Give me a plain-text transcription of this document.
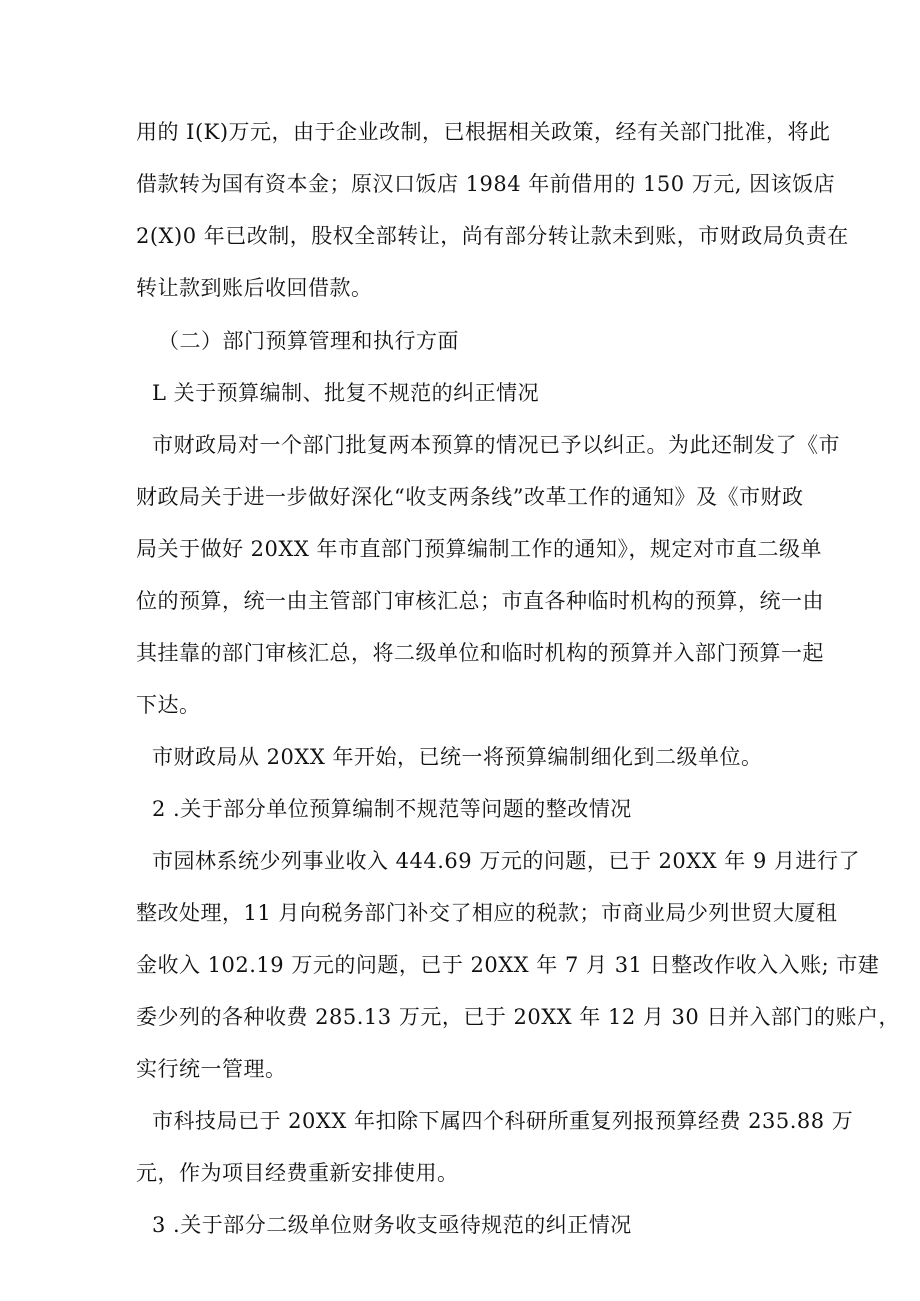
用的 I(K)万元，由于企业改制，已根据相关政策，经有关部门批准，将此
借款转为国有资本金；原汉口饭店 1984 年前借用的 150 万元, 因该饭店
2(X)0 年已改制，股权全部转让，尚有部分转让款未到账，市财政局负责在
转让款到账后收回借款。
（二）部门预算管理和执行方面
L 关于预算编制、批复不规范的纠正情况
市财政局对一个部门批复两本预算的情况已予以纠正。为此还制发了《市
财政局关于进一步做好深化“收支两条线”改革工作的通知》及《市财政
局关于做好 20XX 年市直部门预算编制工作的通知》，规定对市直二级单
位的预算，统一由主管部门审核汇总；市直各种临时机构的预算，统一由
其挂靠的部门审核汇总，将二级单位和临时机构的预算并入部门预算一起
下达。
市财政局从 20XX 年开始，已统一将预算编制细化到二级单位。
2 .关于部分单位预算编制不规范等问题的整改情况
市园林系统少列事业收入 444.69 万元的问题，已于 20XX 年 9 月进行了
整改处理，11 月向税务部门补交了相应的税款；市商业局少列世贸大厦租
金收入 102.19 万元的问题，已于 20XX 年 7 月 31 日整改作收入入账; 市建
委少列的各种收费 285.13 万元，已于 20XX 年 12 月 30 日并入部门的账户，
实行统一管理。
市科技局已于 20XX 年扣除下属四个科研所重复列报预算经费 235.88 万
元，作为项目经费重新安排使用。
3 .关于部分二级单位财务收支亟待规范的纠正情况
